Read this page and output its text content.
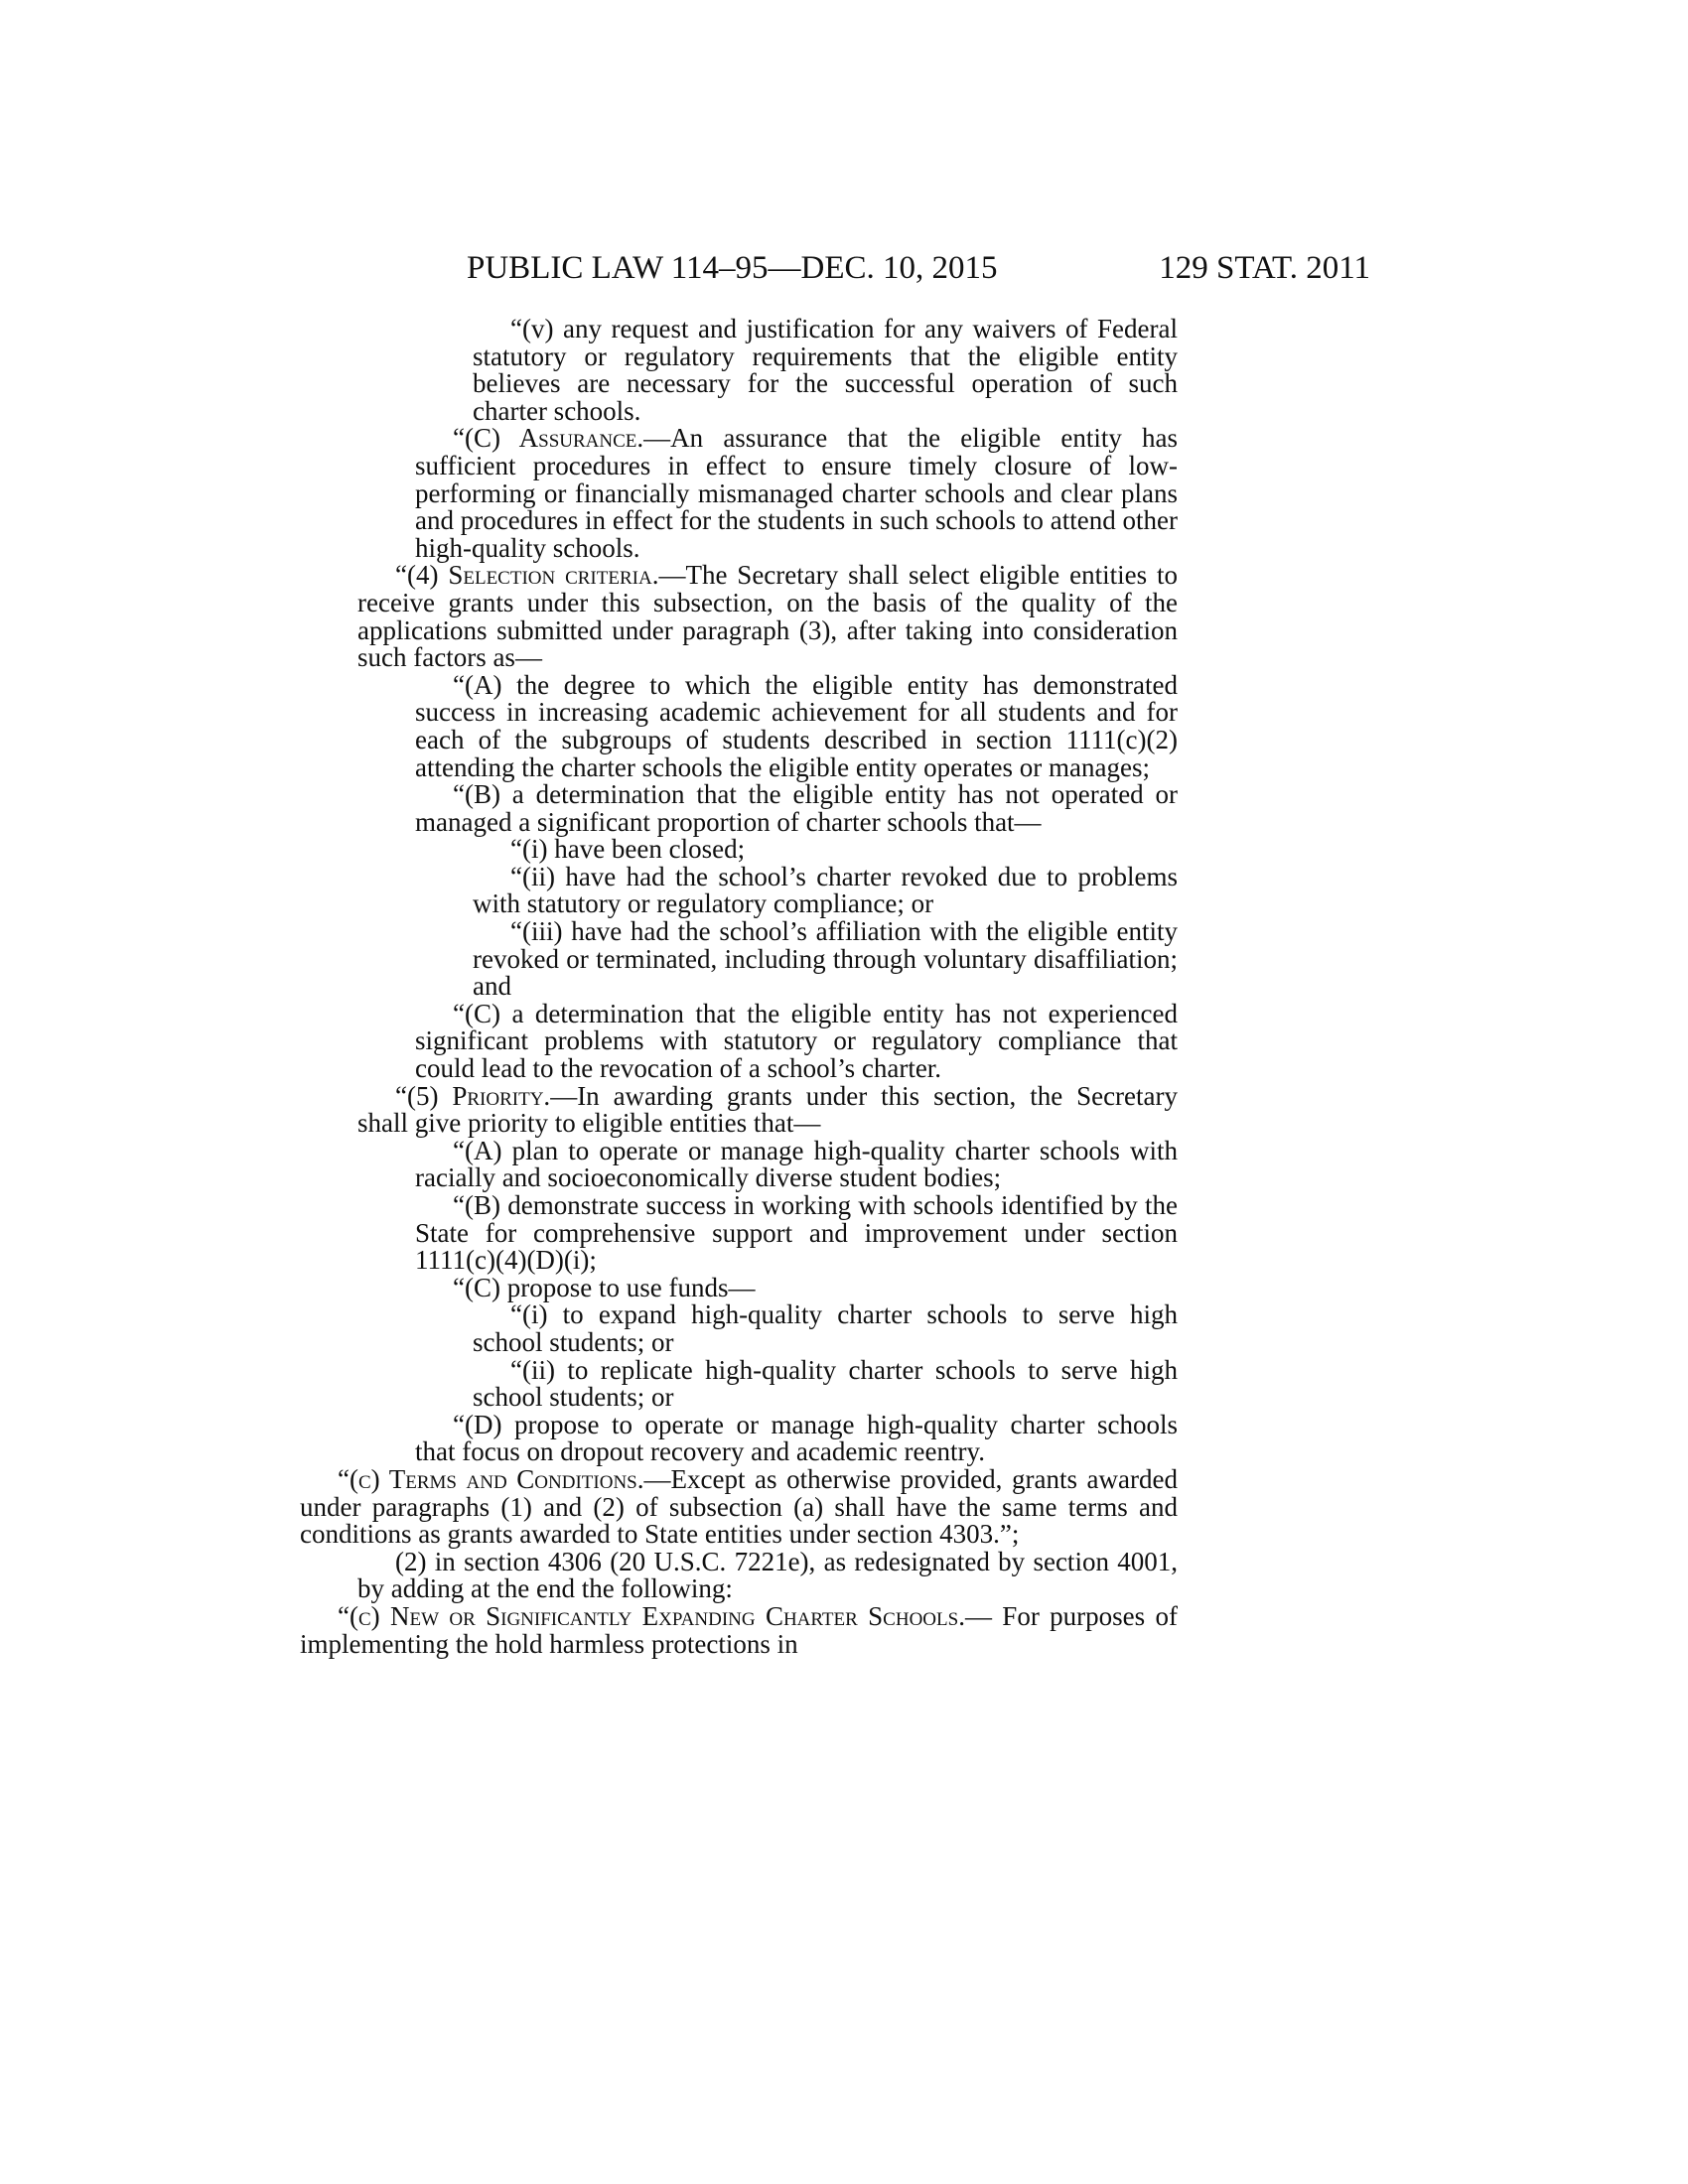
PUBLIC LAW 114–95—DEC. 10, 2015	129 STAT. 2011

“(v) any request and justification for any waivers of Federal statutory or regulatory requirements that the eligible entity believes are necessary for the successful operation of such charter schools.

“(C) Assurance.—An assurance that the eligible entity has sufficient procedures in effect to ensure timely closure of low-performing or financially mismanaged charter schools and clear plans and procedures in effect for the students in such schools to attend other high-quality schools.

“(4) Selection criteria.—The Secretary shall select eligible entities to receive grants under this subsection, on the basis of the quality of the applications submitted under paragraph (3), after taking into consideration such factors as—

“(A) the degree to which the eligible entity has demonstrated success in increasing academic achievement for all students and for each of the subgroups of students described in section 1111(c)(2) attending the charter schools the eligible entity operates or manages;

“(B) a determination that the eligible entity has not operated or managed a significant proportion of charter schools that—

“(i) have been closed;

“(ii) have had the school’s charter revoked due to problems with statutory or regulatory compliance; or

“(iii) have had the school’s affiliation with the eligible entity revoked or terminated, including through voluntary disaffiliation; and

“(C) a determination that the eligible entity has not experienced significant problems with statutory or regulatory compliance that could lead to the revocation of a school’s charter.

“(5) Priority.—In awarding grants under this section, the Secretary shall give priority to eligible entities that—

“(A) plan to operate or manage high-quality charter schools with racially and socioeconomically diverse student bodies;

“(B) demonstrate success in working with schools identified by the State for comprehensive support and improvement under section 1111(c)(4)(D)(i);

“(C) propose to use funds—

“(i) to expand high-quality charter schools to serve high school students; or

“(ii) to replicate high-quality charter schools to serve high school students; or

“(D) propose to operate or manage high-quality charter schools that focus on dropout recovery and academic reentry.

“(c) Terms and Conditions.—Except as otherwise provided, grants awarded under paragraphs (1) and (2) of subsection (a) shall have the same terms and conditions as grants awarded to State entities under section 4303.”;

(2) in section 4306 (20 U.S.C. 7221e), as redesignated by section 4001, by adding at the end the following:

“(c) New or Significantly Expanding Charter Schools.— For purposes of implementing the hold harmless protections in
